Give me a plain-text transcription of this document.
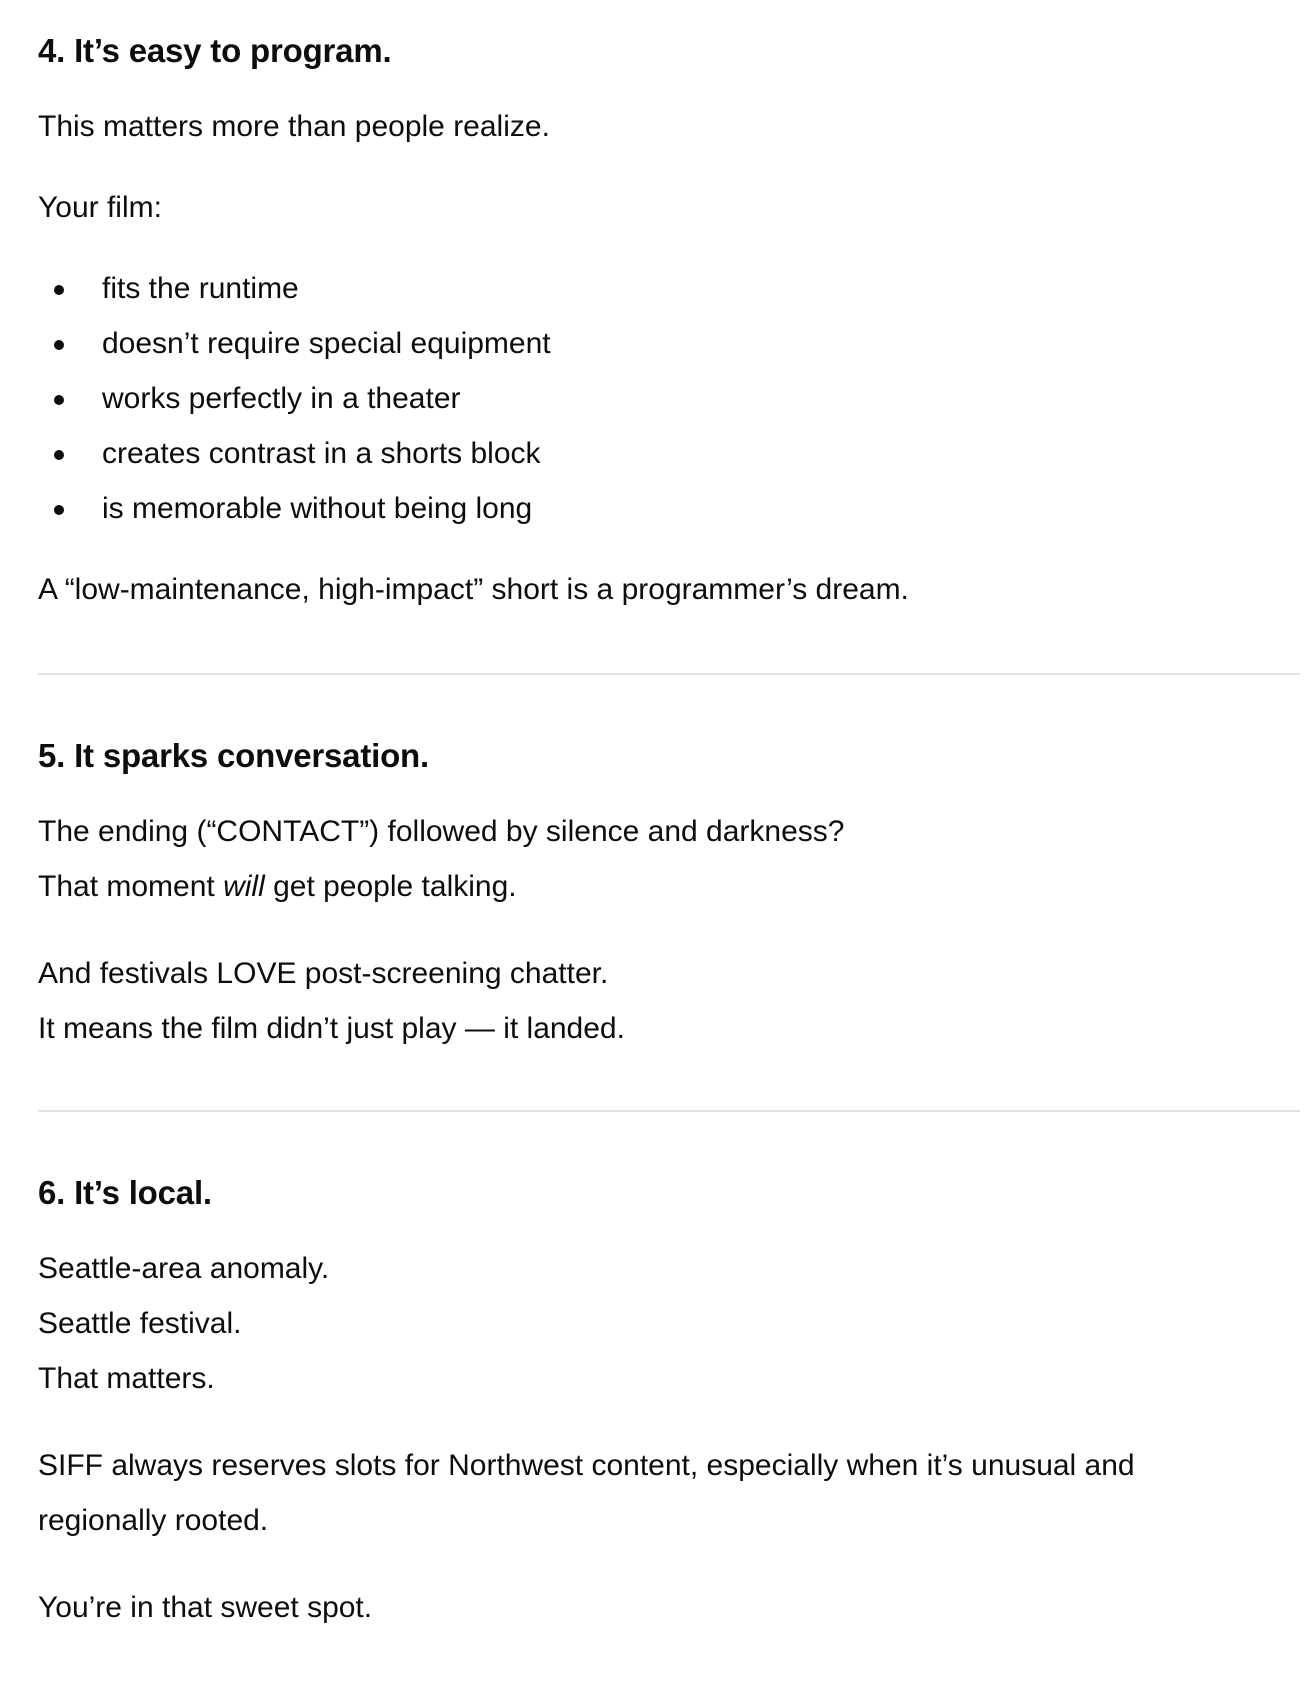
4. It’s easy to program.

This matters more than people realize.

Your film:

fits the runtime
doesn’t require special equipment
works perfectly in a theater
creates contrast in a shorts block
is memorable without being long

A “low-maintenance, high-impact” short is a programmer’s dream.

5. It sparks conversation.

The ending (“CONTACT”) followed by silence and darkness?

That moment will get people talking.

And festivals LOVE post-screening chatter.

It means the film didn’t just play — it landed.

6. It’s local.

Seattle-area anomaly.

Seattle festival.

That matters.

SIFF always reserves slots for Northwest content, especially when it’s unusual and

regionally rooted.

You’re in that sweet spot.
